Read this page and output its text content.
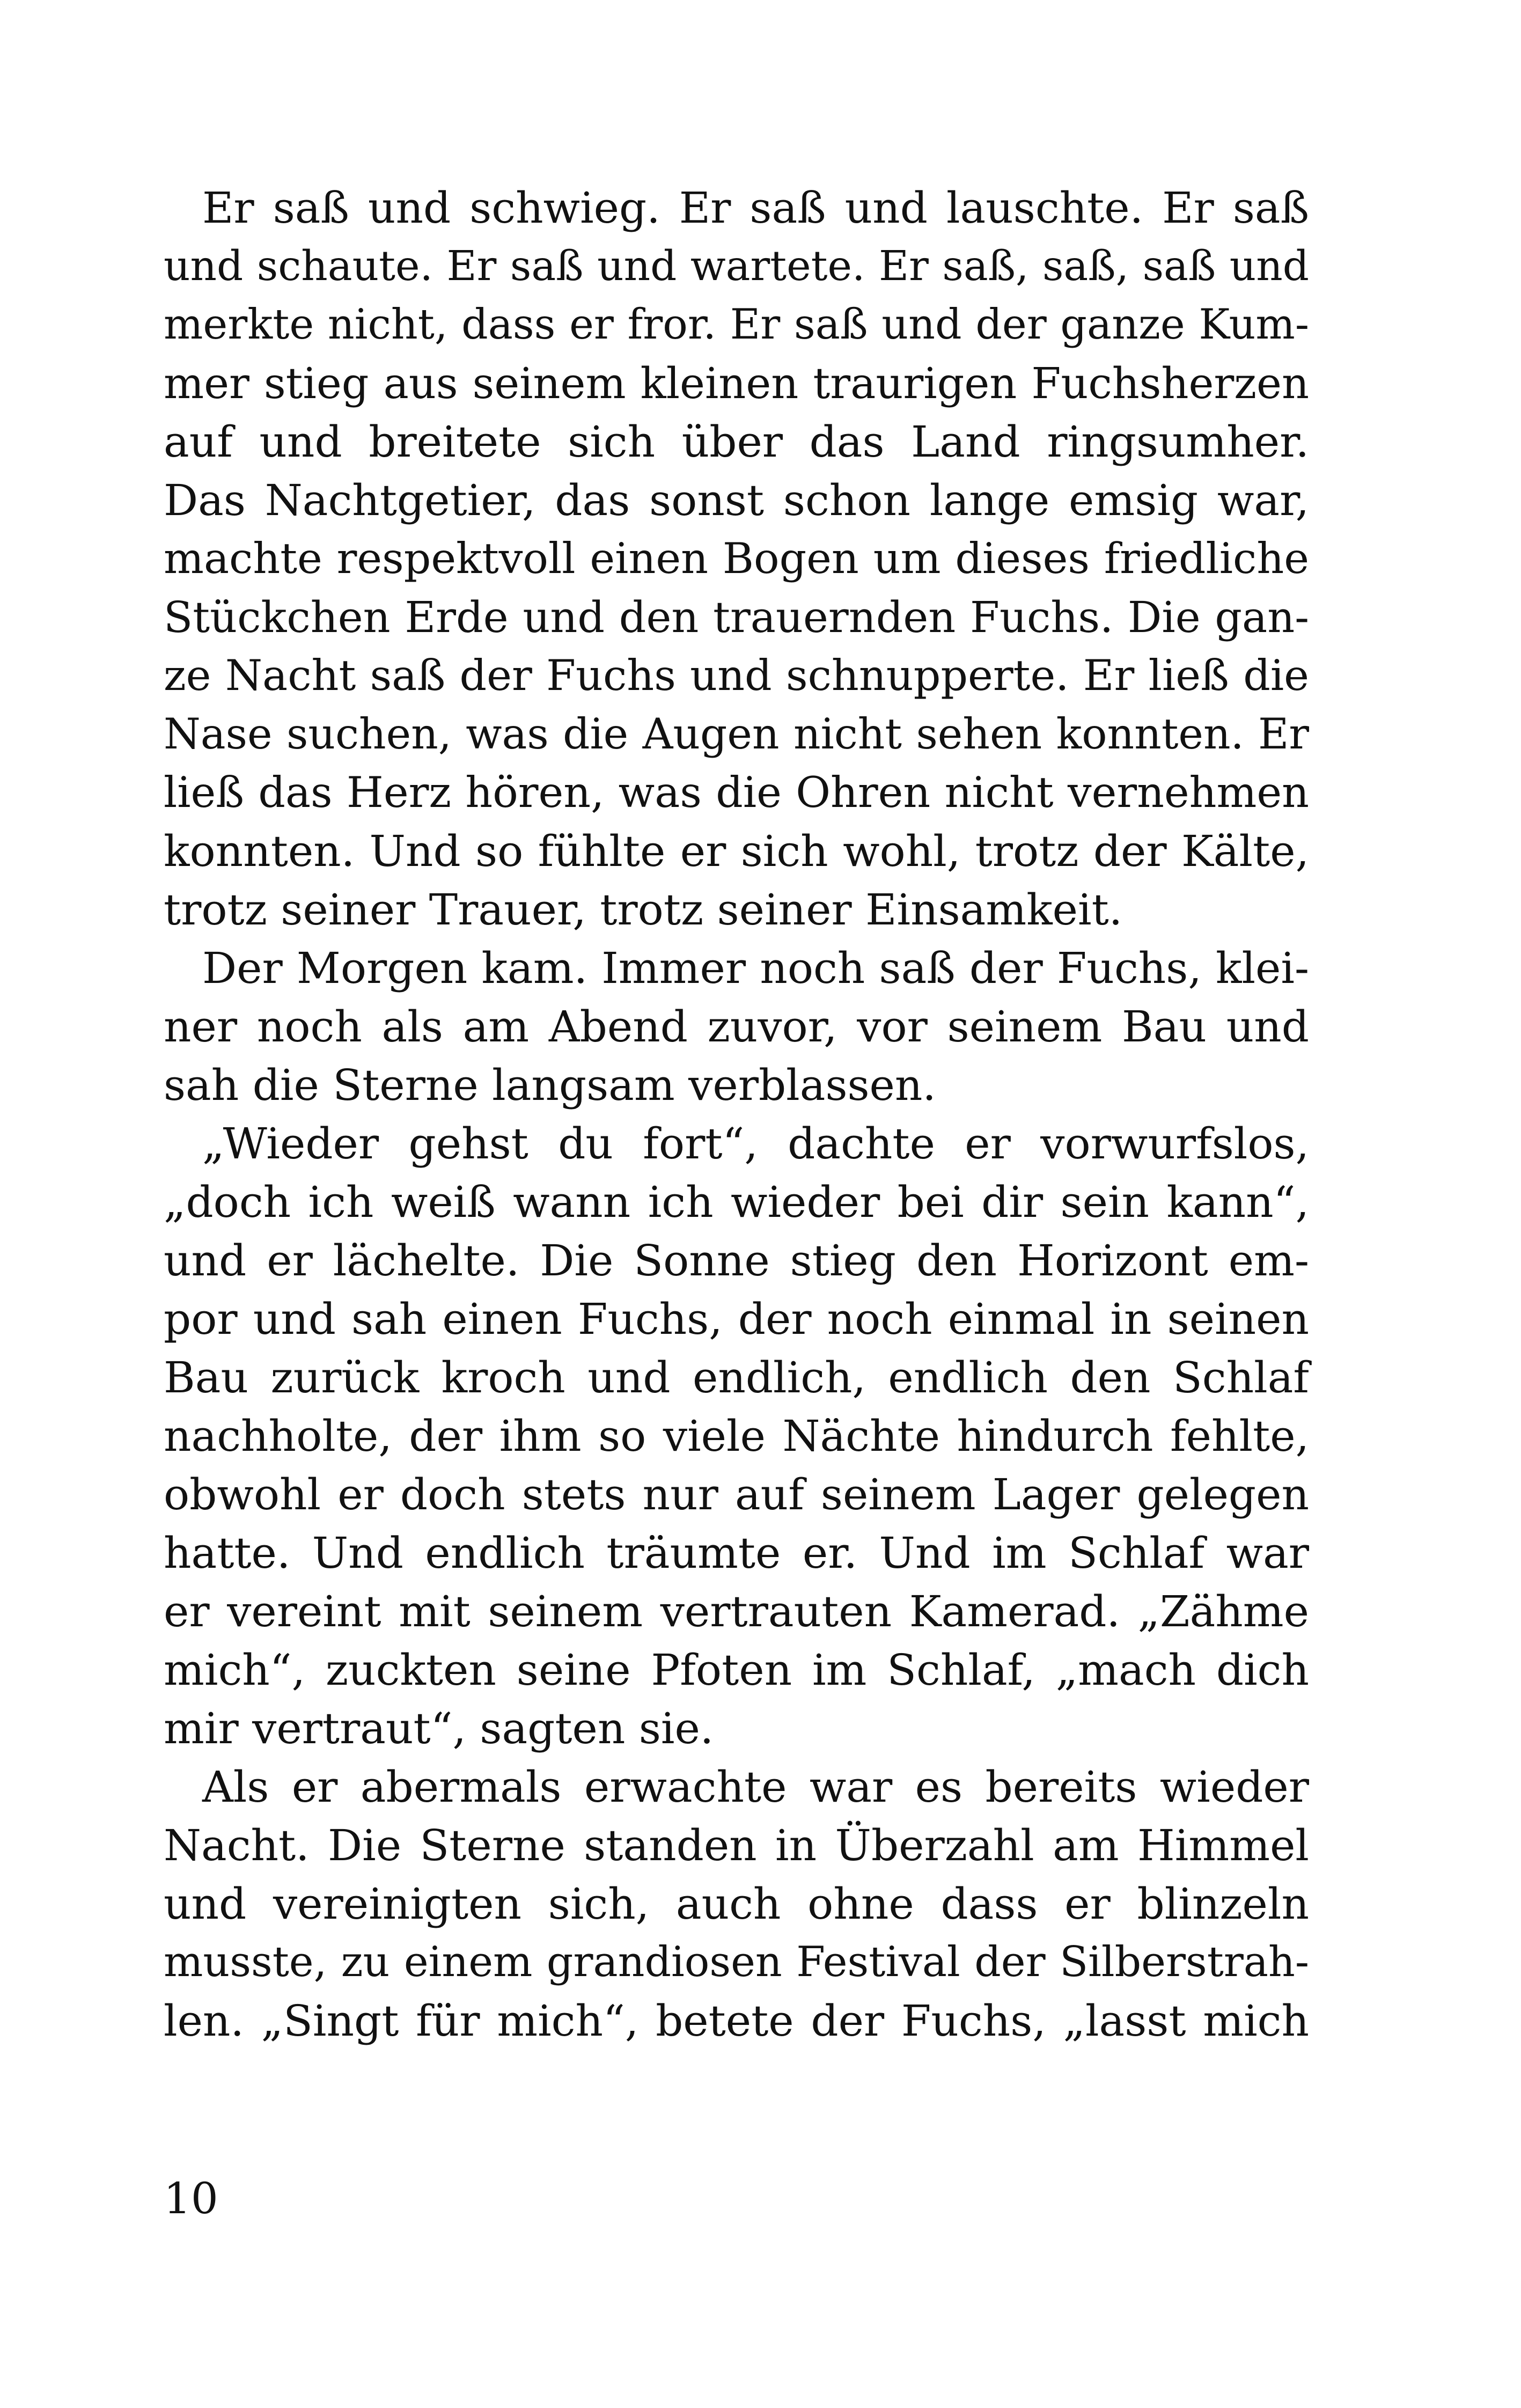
Er saß und schwieg. Er saß und lauschte. Er saß
und schaute. Er saß und wartete. Er saß, saß, saß und
merkte nicht, dass er fror. Er saß und der ganze Kum-
mer stieg aus seinem kleinen traurigen Fuchsherzen
auf und breitete sich über das Land ringsumher.
Das Nachtgetier, das sonst schon lange emsig war,
machte respektvoll einen Bogen um dieses friedliche
Stückchen Erde und den trauernden Fuchs. Die gan-
ze Nacht saß der Fuchs und schnupperte. Er ließ die
Nase suchen, was die Augen nicht sehen konnten. Er
ließ das Herz hören, was die Ohren nicht vernehmen
konnten. Und so fühlte er sich wohl, trotz der Kälte,
trotz seiner Trauer, trotz seiner Einsamkeit.
Der Morgen kam. Immer noch saß der Fuchs, klei-
ner noch als am Abend zuvor, vor seinem Bau und
sah die Sterne langsam verblassen.
„Wieder gehst du fort“, dachte er vorwurfslos,
„doch ich weiß wann ich wieder bei dir sein kann“,
und er lächelte. Die Sonne stieg den Horizont em-
por und sah einen Fuchs, der noch einmal in seinen
Bau zurück kroch und endlich, endlich den Schlaf
nachholte, der ihm so viele Nächte hindurch fehlte,
obwohl er doch stets nur auf seinem Lager gelegen
hatte. Und endlich träumte er. Und im Schlaf war
er vereint mit seinem vertrauten Kamerad. „Zähme
mich“, zuckten seine Pfoten im Schlaf, „mach dich
mir vertraut“, sagten sie.
Als er abermals erwachte war es bereits wieder
Nacht. Die Sterne standen in Überzahl am Himmel
und vereinigten sich, auch ohne dass er blinzeln
musste, zu einem grandiosen Festival der Silberstrah-
len. „Singt für mich“, betete der Fuchs, „lasst mich
10
